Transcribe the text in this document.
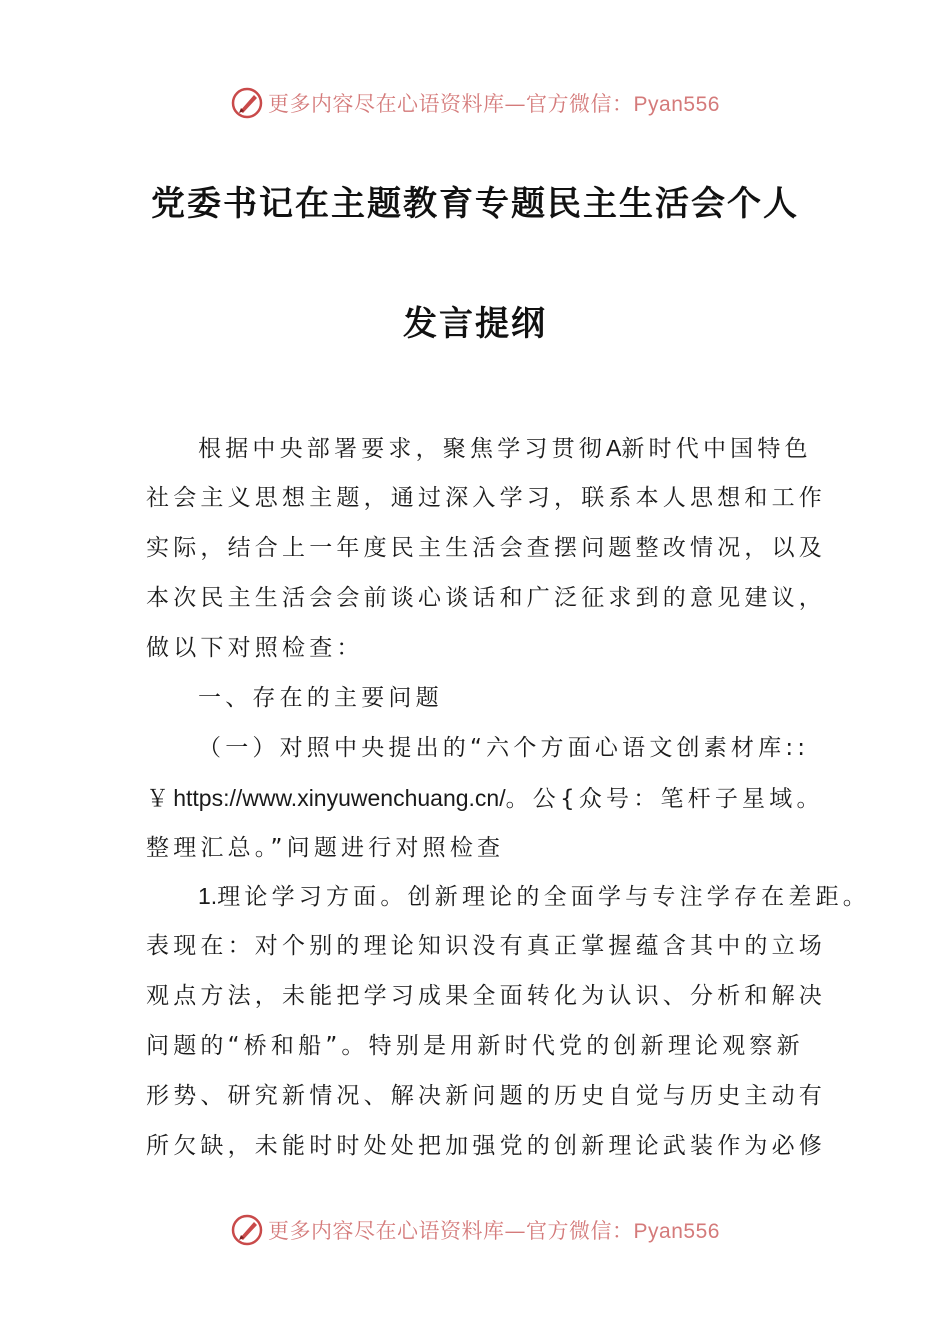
更多内容尽在心语资料库—官方微信：Pyan556
党委书记在主题教育专题民主生活会个人
发言提纲
根据中央部署要求，聚焦学习贯彻A新时代中国特色
社会主义思想主题，通过深入学习，联系本人思想和工作
实际，结合上一年度民主生活会查摆问题整改情况，以及
本次民主生活会会前谈心谈话和广泛征求到的意见建议，
做以下对照检查：
一、存在的主要问题
（一）对照中央提出的“六个方面心语文创素材库::
￥https://www.xinyuwenchuang.cn/。公{众号：笔杆子星域。
整理汇总。”问题进行对照检查
1.理论学习方面。创新理论的全面学与专注学存在差距。
表现在：对个别的理论知识没有真正掌握蕴含其中的立场
观点方法，未能把学习成果全面转化为认识、分析和解决
问题的“桥和船”。特别是用新时代党的创新理论观察新
形势、研究新情况、解决新问题的历史自觉与历史主动有
所欠缺，未能时时处处把加强党的创新理论武装作为必修
更多内容尽在心语资料库—官方微信：Pyan556
